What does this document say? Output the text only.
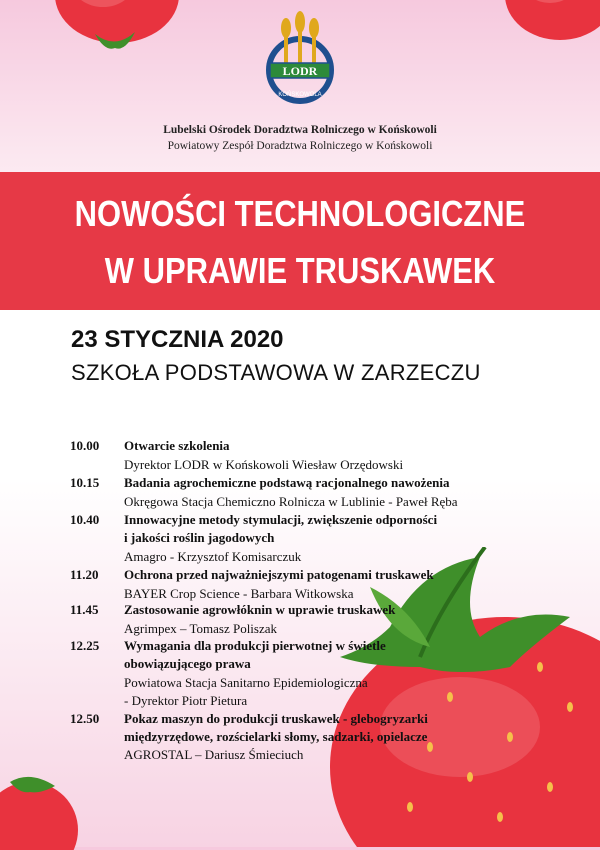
LODR
KOŃSKOWOLA
Lubelski Ośrodek Doradztwa Rolniczego w Końskowoli
Powiatowy Zespół Doradztwa Rolniczego w Końskowoli
NOWOŚCI TECHNOLOGICZNE
W UPRAWIE TRUSKAWEK
23 STYCZNIA 2020
SZKOŁA PODSTAWOWA W ZARZECZU
10.00 Otwarcie szkolenia
Dyrektor LODR w Końskowoli Wiesław Orzędowski
10.15 Badania agrochemiczne podstawą racjonalnego nawożenia
Okręgowa Stacja Chemiczno Rolnicza w Lublinie - Paweł Ręba
10.40 Innowacyjne metody stymulacji, zwiększenie odporności
i jakości roślin jagodowych
Amagro - Krzysztof Komisarczuk
11.20 Ochrona przed najważniejszymi patogenami truskawek
BAYER Crop Science - Barbara Witkowska
11.45 Zastosowanie agrowłóknin w uprawie truskawek
Agrimpex – Tomasz Poliszak
12.25 Wymagania dla produkcji pierwotnej w świetle
obowiązującego prawa
Powiatowa Stacja Sanitarno Epidemiologiczna
- Dyrektor Piotr Pietura
12.50 Pokaz maszyn do produkcji truskawek - glebogryzarki
międzyrzędowe, rozścielarki słomy, sadzarki, opielacze
AGROSTAL – Dariusz Śmieciuch
